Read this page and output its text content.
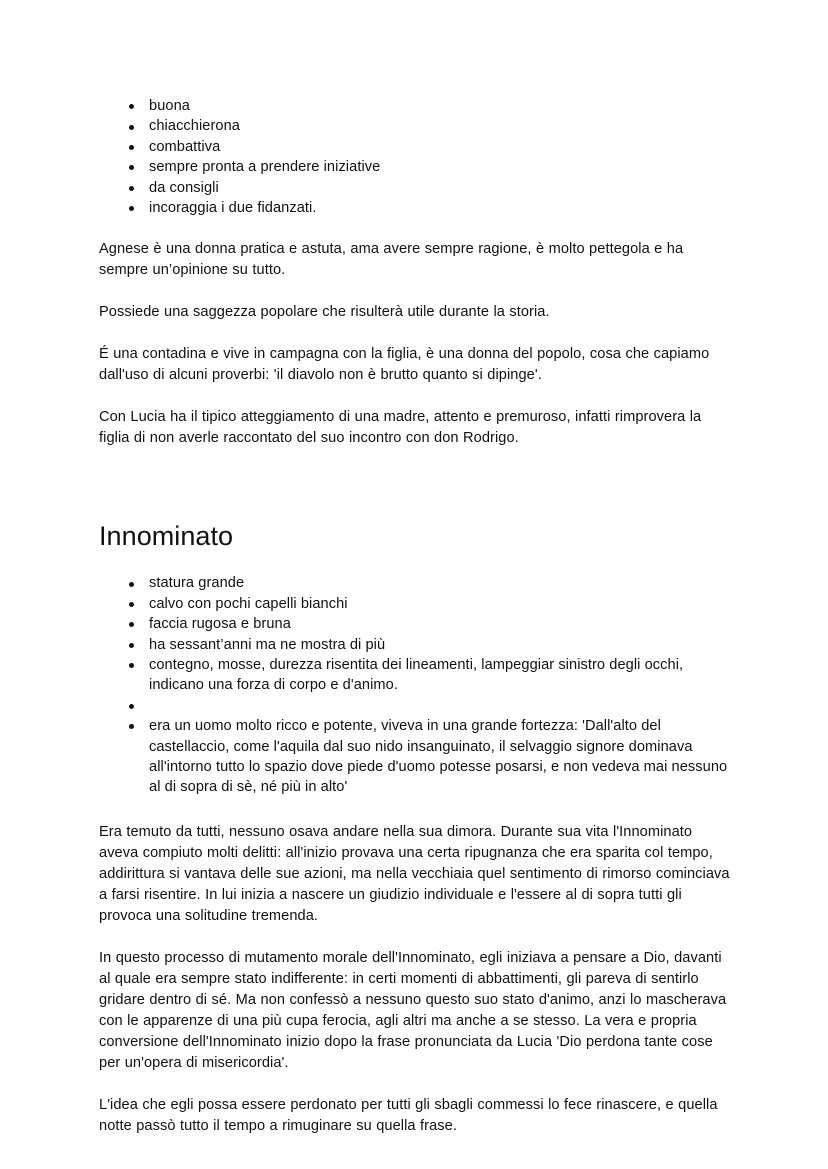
buona
chiacchierona
combattiva
sempre pronta a prendere iniziative
da consigli
incoraggia i due fidanzati.

Agnese è una donna pratica e astuta, ama avere sempre ragione, è molto pettegola e ha sempre un’opinione su tutto.

Possiede una saggezza popolare che risulterà utile durante la storia.

É una contadina e vive in campagna con la figlia, è una donna del popolo, cosa che capiamo dall'uso di alcuni proverbi: 'il diavolo non è brutto quanto si dipinge'.

Con Lucia ha il tipico atteggiamento di una madre, attento e premuroso, infatti rimprovera la figlia di non averle raccontato del suo incontro con don Rodrigo.

Innominato
statura grande
calvo con pochi capelli bianchi
faccia rugosa e bruna
ha sessant’anni ma ne mostra di più
contegno, mosse, durezza risentita dei lineamenti, lampeggiar sinistro degli occhi, indicano una forza di corpo e d'animo.
era un uomo molto ricco e potente, viveva in una grande fortezza: 'Dall'alto del castellaccio, come l'aquila dal suo nido insanguinato, il selvaggio signore dominava all'intorno tutto lo spazio dove piede d'uomo potesse posarsi, e non vedeva mai nessuno al di sopra di sè, né più in alto'

Era temuto da tutti, nessuno osava andare nella sua dimora. Durante sua vita l'Innominato aveva compiuto molti delitti: all'inizio provava una certa ripugnanza che era sparita col tempo, addirittura si vantava delle sue azioni, ma nella vecchiaia quel sentimento di rimorso cominciava a farsi risentire. In lui inizia a nascere un giudizio individuale e l'essere al di sopra tutti gli provoca una solitudine tremenda.

In questo processo di mutamento morale dell'Innominato, egli iniziava a pensare a Dio, davanti al quale era sempre stato indifferente: in certi momenti di abbattimenti, gli pareva di sentirlo gridare dentro di sé. Ma non confessò a nessuno questo suo stato d'animo, anzi lo mascherava con le apparenze di una più cupa ferocia, agli altri ma anche a se stesso. La vera e propria conversione dell'Innominato inizio dopo la frase pronunciata da Lucia 'Dio perdona tante cose per un'opera di misericordia'.

L'idea che egli possa essere perdonato per tutti gli sbagli commessi lo fece rinascere, e quella notte passò tutto il tempo a rimuginare su quella frase.
